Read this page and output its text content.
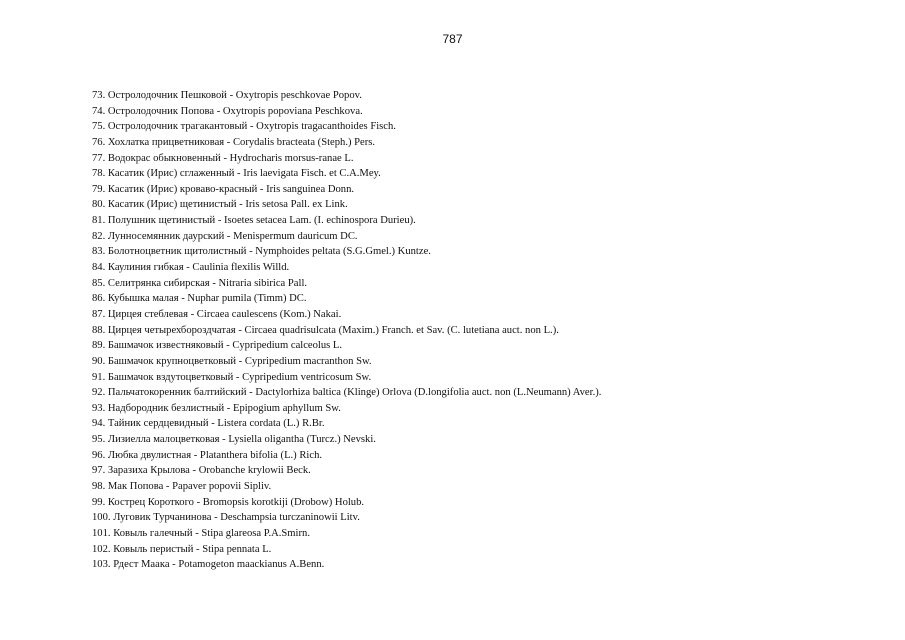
787
73. Остролодочник Пешковой - Oxytropis peschkovae Popov.
74. Остролодочник Попова - Oxytropis popoviana Peschkova.
75. Остролодочник трагакантовый - Oxytropis tragacanthoides Fisch.
76. Хохлатка прицветниковая - Corydalis bracteata (Steph.) Pers.
77. Водокрас обыкновенный - Hydrocharis morsus-ranae L.
78. Касатик (Ирис) сглаженный - Iris laevigata Fisch. et C.A.Mey.
79. Касатик (Ирис) кроваво-красный - Iris sanguinea Donn.
80. Касатик (Ирис) щетинистый - Iris setosa Pall. ex Link.
81. Полушник щетинистый - Isoetes setacea Lam. (I. echinospora Durieu).
82. Лунносемянник даурский - Menispermum dauricum DC.
83. Болотноцветник щитолистный - Nymphoides peltata (S.G.Gmel.) Kuntze.
84. Каулиния гибкая - Caulinia flexilis Willd.
85. Селитрянка сибирская - Nitraria sibirica Pall.
86. Кубышка малая - Nuphar pumila (Timm) DC.
87. Цирцея стеблевая - Circaea caulescens (Kom.) Nakai.
88. Цирцея четырехбороздчатая - Circaea quadrisulcata (Maxim.) Franch. et Sav. (C. lutetiana auct. non L.).
89. Башмачок известняковый - Cypripedium calceolus L.
90. Башмачок крупноцветковый - Cypripedium macranthon Sw.
91. Башмачок вздутоцветковый - Cypripedium ventricosum Sw.
92. Пальчатокоренник балтийский - Dactylorhiza baltica (Klinge) Orlova (D.longifolia auct. non (L.Neumann) Aver.).
93. Надбородник безлистный - Epipogium aphyllum Sw.
94. Тайник сердцевидный - Listera cordata (L.) R.Br.
95. Лизиелла малоцветковая - Lysiella oligantha (Turcz.) Nevski.
96. Любка двулистная - Platanthera bifolia (L.) Rich.
97. Заразиха Крылова - Orobanche krylowii Beck.
98. Мак Попова - Papaver popovii Sipliv.
99. Кострец Короткого - Bromopsis korotkiji (Drobow) Holub.
100. Луговик Турчанинова - Deschampsia turczaninowii Litv.
101. Ковыль галечный - Stipa glareosa P.A.Smirn.
102. Ковыль перистый - Stipa pennata L.
103. Рдест Маака - Potamogeton maackianus A.Benn.
